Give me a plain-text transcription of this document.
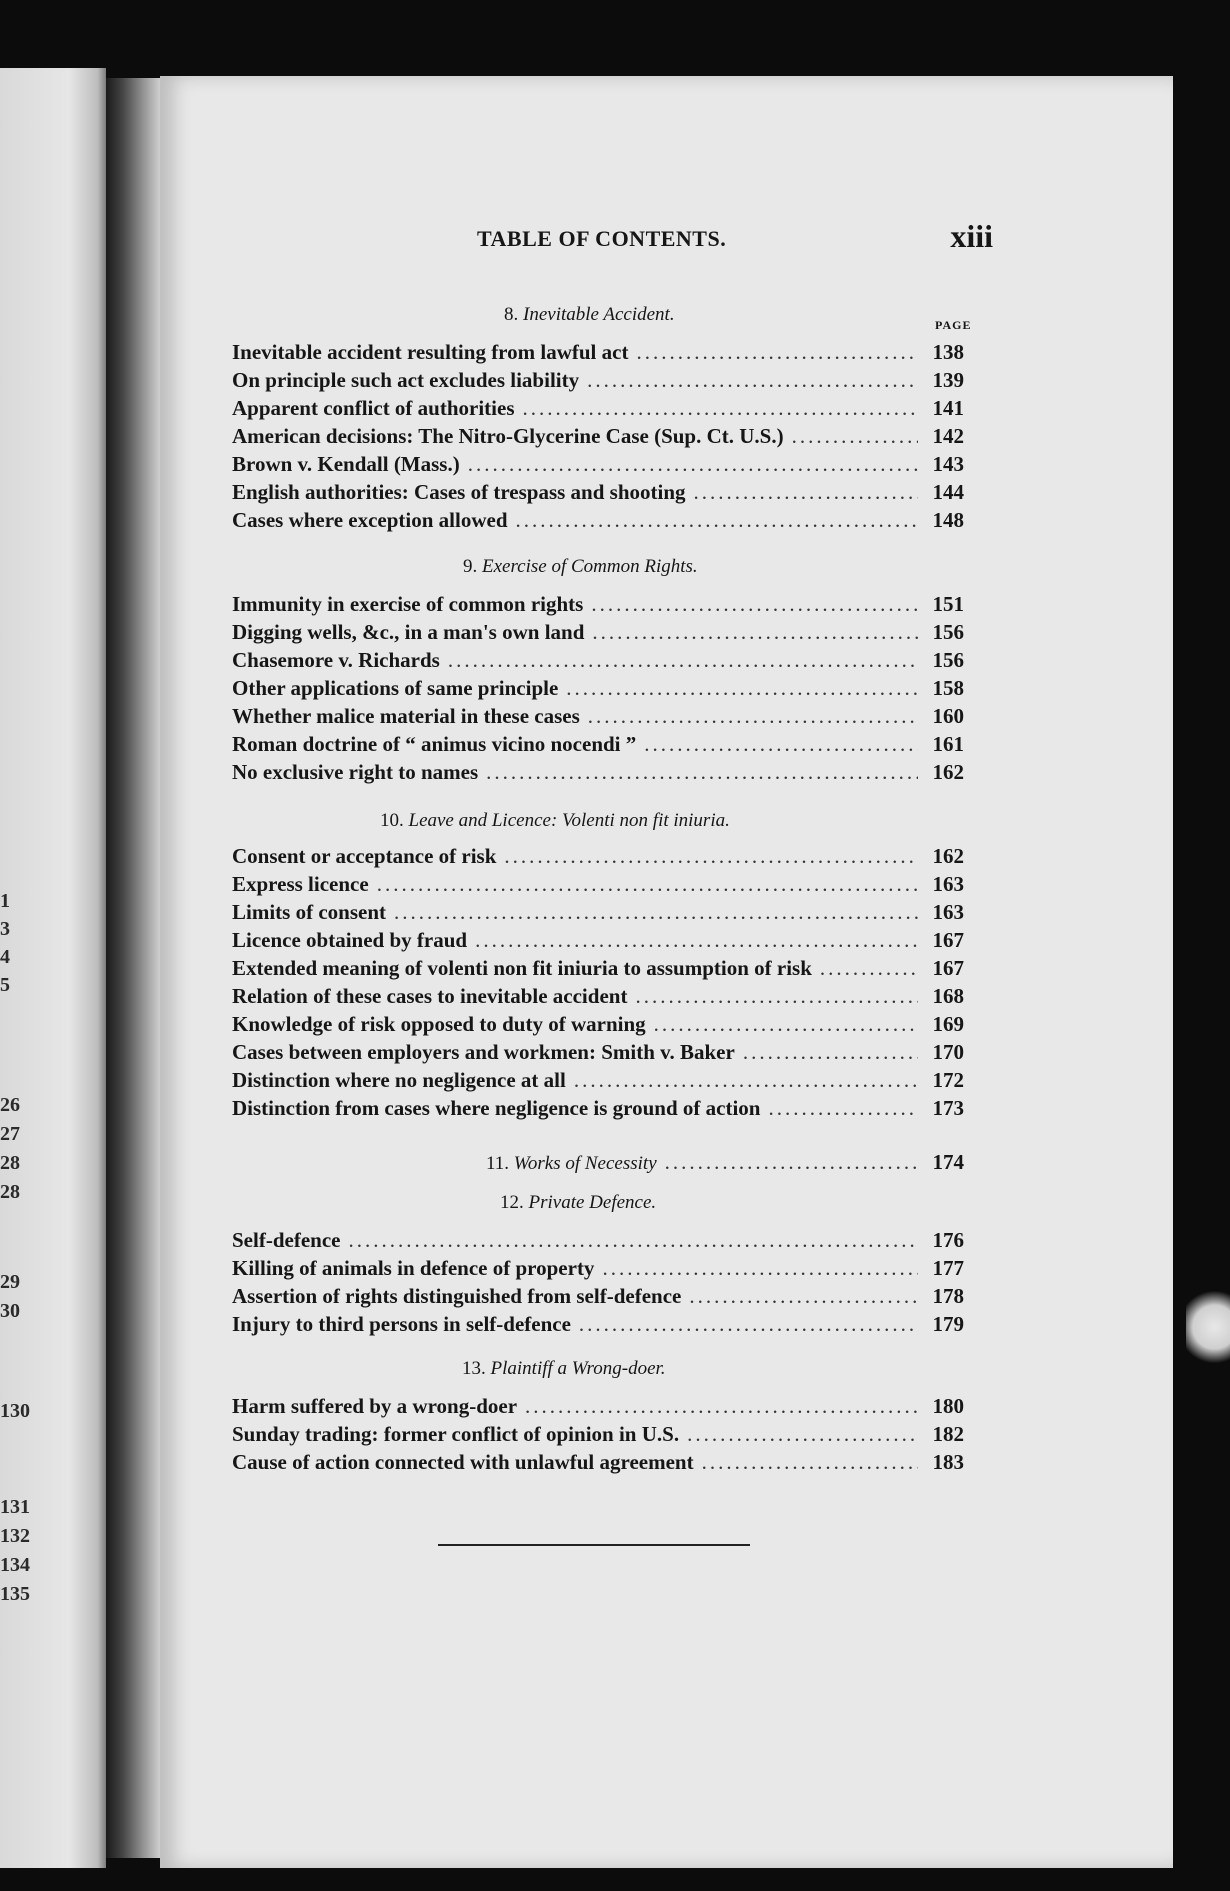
1
3
4
5
26
27
28
28
29
30
130
131
132
134
135
TABLE OF CONTENTS.	xiii
PAGE
8. Inevitable Accident.
Inevitable accident resulting from lawful act .....	138
On principle such act excludes liability .....	139
Apparent conflict of authorities .....	141
American decisions: The Nitro-Glycerine Case (Sup. Ct. U.S.) .....	142
Brown v. Kendall (Mass.) .....	143
English authorities: Cases of trespass and shooting .....	144
Cases where exception allowed .....	148
9. Exercise of Common Rights.
Immunity in exercise of common rights .....	151
Digging wells, &c., in a man's own land .....	156
Chasemore v. Richards .....	156
Other applications of same principle .....	158
Whether malice material in these cases .....	160
Roman doctrine of “ animus vicino nocendi ” .....	161
No exclusive right to names .....	162
10. Leave and Licence: Volenti non fit iniuria.
Consent or acceptance of risk .....	162
Express licence .....	163
Limits of consent .....	163
Licence obtained by fraud .....	167
Extended meaning of volenti non fit iniuria to assumption of risk .....	167
Relation of these cases to inevitable accident .....	168
Knowledge of risk opposed to duty of warning .....	169
Cases between employers and workmen: Smith v. Baker .....	170
Distinction where no negligence at all .....	172
Distinction from cases where negligence is ground of action .....	173
11. Works of Necessity .....	174
12. Private Defence.
Self-defence .....	176
Killing of animals in defence of property .....	177
Assertion of rights distinguished from self-defence .....	178
Injury to third persons in self-defence .....	179
13. Plaintiff a Wrong-doer.
Harm suffered by a wrong-doer .....	180
Sunday trading: former conflict of opinion in U.S. .....	182
Cause of action connected with unlawful agreement .....	183
